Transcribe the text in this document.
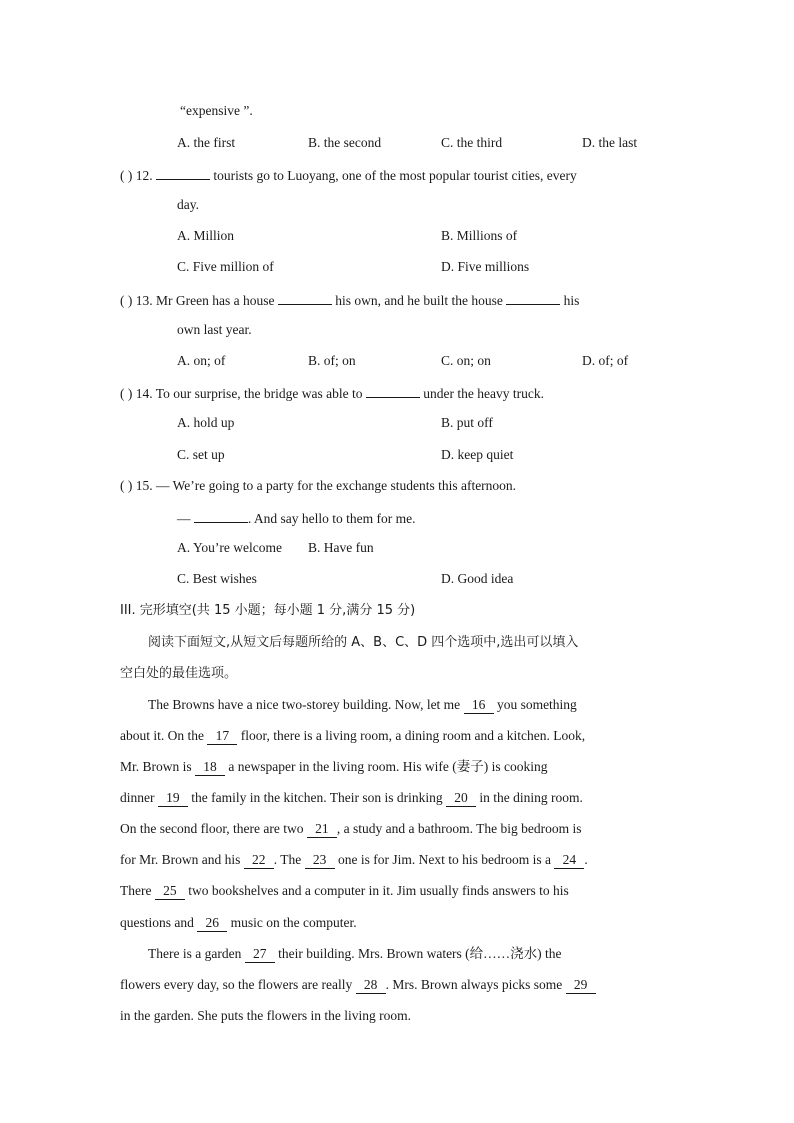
“expensive ”.
A. the first	B. the second	C. the third	D. the last
( ) 12.	tourists go to Luoyang, one of the most popular tourist cities, every
day.
A. Million	B. Millions of
C. Five million of	D. Five millions
( ) 13. Mr Green has a house	his own, and he built the house	his
own last year.
A. on; of	B. of; on	C. on; on	D. of; of
( ) 14. To our surprise, the bridge was able to	under the heavy truck.
A. hold up	B. put off
C. set up	D. keep quiet
( ) 15. — We’re going to a party for the exchange students this afternoon.
—	. And say hello to them for me.
A. You’re welcome B. Have fun
C. Best wishes	D. Good idea
III. 完形填空(共 15 小题；每小题 1 分,满分 15 分)
阅读下面短文,从短文后每题所给的 A、B、C、D 四个选项中,选出可以填入
空白处的最佳选项。
The Browns have a nice two-storey building. Now, let me 16 you something
about it. On the 17 floor, there is a living room, a dining room and a kitchen. Look,
Mr. Brown is 18 a newspaper in the living room. His wife (妻子) is cooking
dinner 19 the family in the kitchen. Their son is drinking 20 in the dining room.
On the second floor, there are two 21 , a study and a bathroom. The big bedroom is
for Mr. Brown and his 22 . The 23 one is for Jim. Next to his bedroom is a 24 .
There 25 two bookshelves and a computer in it. Jim usually finds answers to his
questions and 26 music on the computer.
There is a garden 27 their building. Mrs. Brown waters (给……浇水) the
flowers every day, so the flowers are really 28 . Mrs. Brown always picks some 29
in the garden. She puts the flowers in the living room.
